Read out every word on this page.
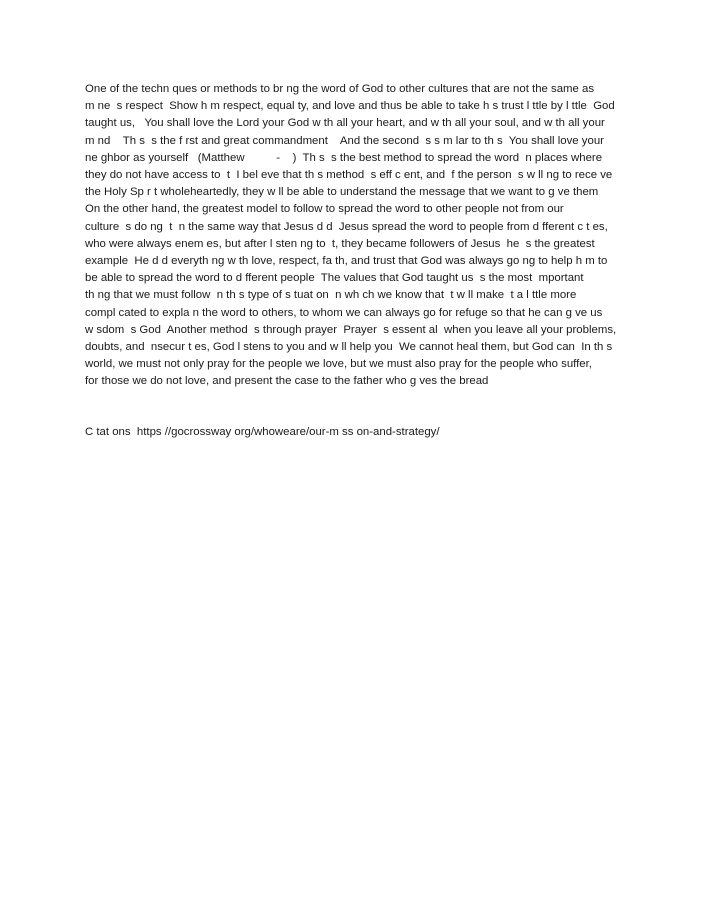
One of the techn ques or methods to br ng the word of God to other cultures that are not the same as
m ne  s respect  Show h m respect, equal ty, and love and thus be able to take h s trust l ttle by l ttle  God
taught us,   You shall love the Lord your God w th all your heart, and w th all your soul, and w th all your
m nd    Th s  s the f rst and great commandment    And the second  s s m lar to th s  You shall love your
ne ghbor as yourself   (Matthew          -    )  Th s  s the best method to spread the word  n places where
they do not have access to  t  I bel eve that th s method  s eff c ent, and  f the person  s w ll ng to rece ve
the Holy Sp r t wholeheartedly, they w ll be able to understand the message that we want to g ve them
On the other hand, the greatest model to follow to spread the word to other people not from our
culture  s do ng  t  n the same way that Jesus d d  Jesus spread the word to people from d fferent c t es,
who were always enem es, but after l sten ng to  t, they became followers of Jesus  he  s the greatest
example  He d d everyth ng w th love, respect, fa th, and trust that God was always go ng to help h m to
be able to spread the word to d fferent people  The values that God taught us  s the most  mportant
th ng that we must follow  n th s type of s tuat on  n wh ch we know that  t w ll make  t a l ttle more
compl cated to expla n the word to others, to whom we can always go for refuge so that he can g ve us
w sdom  s God  Another method  s through prayer  Prayer  s essent al  when you leave all your problems,
doubts, and  nsecur t es, God l stens to you and w ll help you  We cannot heal them, but God can  In th s
world, we must not only pray for the people we love, but we must also pray for the people who suffer,
for those we do not love, and present the case to the father who g ves the bread
C tat ons  https //gocrossway org/whoweare/our-m ss on-and-strategy/
